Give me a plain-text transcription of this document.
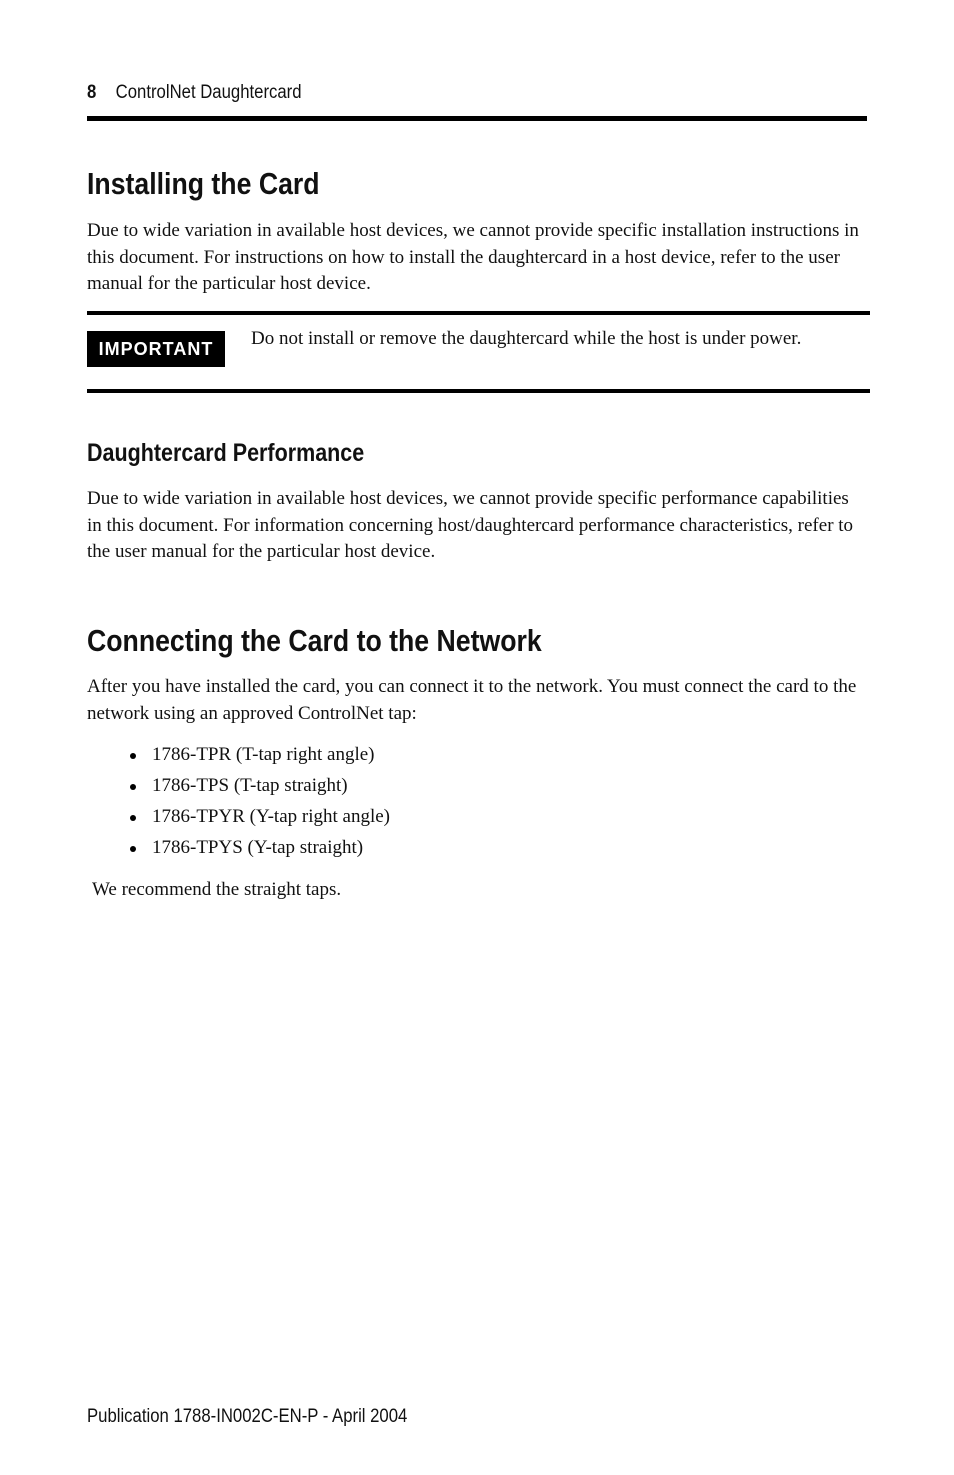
8 ControlNet Daughtercard
Installing the Card

Due to wide variation in available host devices, we cannot provide specific installation instructions in this document. For instructions on how to install the daughtercard in a host device, refer to the user manual for the particular host device.

IMPORTANT	Do not install or remove the daughtercard while the host is under power.
Daughtercard Performance

Due to wide variation in available host devices, we cannot provide specific performance capabilities in this document. For information concerning host/daughtercard performance characteristics, refer to the user manual for the particular host device.

Connecting the Card to the Network

After you have installed the card, you can connect it to the network. You must connect the card to the network using an approved ControlNet tap:

1786-TPR (T-tap right angle)
1786-TPS (T-tap straight)
1786-TPYR (Y-tap right angle)
1786-TPYS (Y-tap straight)
We recommend the straight taps.
Publication 1788-IN002C-EN-P - April 2004
